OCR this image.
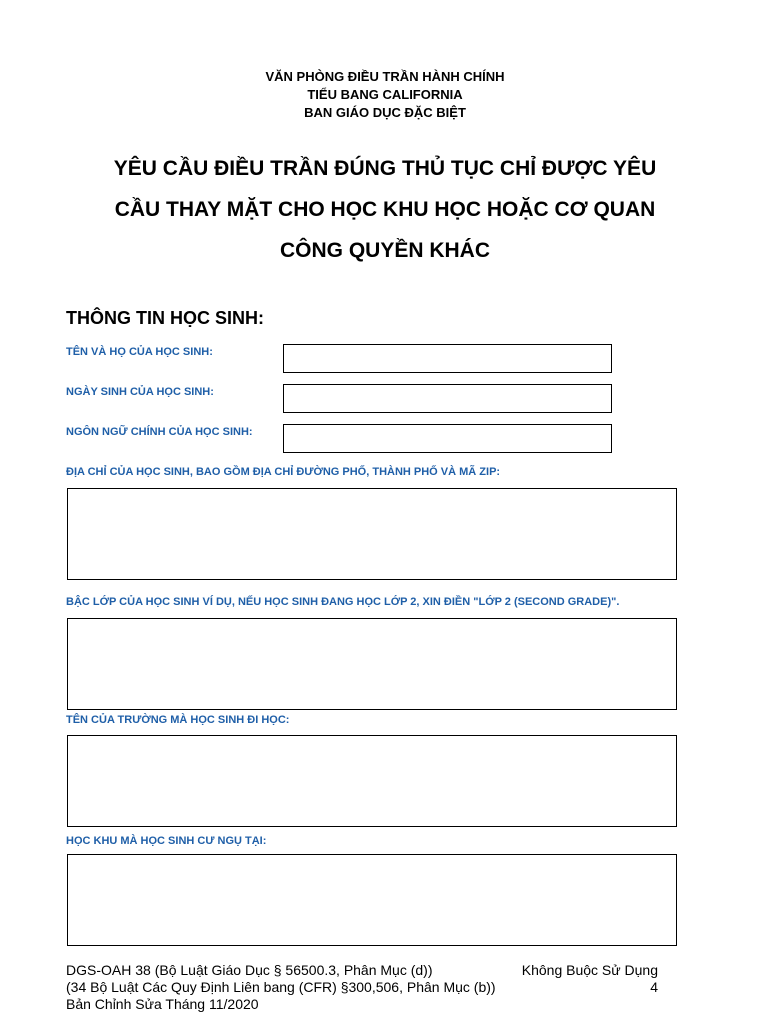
VĂN PHÒNG ĐIỀU TRẦN HÀNH CHÍNH
TIỂU BANG CALIFORNIA
BAN GIÁO DỤC ĐẶC BIỆT
YÊU CẦU ĐIỀU TRẦN ĐÚNG THỦ TỤC CHỈ ĐƯỢC YÊU
CẦU THAY MẶT CHO HỌC KHU HỌC HOẶC CƠ QUAN
CÔNG QUYỀN KHÁC
THÔNG TIN HỌC SINH:
TÊN VÀ HỌ CỦA HỌC SINH:
NGÀY SINH CỦA HỌC SINH:
NGÔN NGỮ CHÍNH CỦA HỌC SINH:
ĐỊA CHỈ CỦA HỌC SINH, BAO GỒM ĐỊA CHỈ ĐƯỜNG PHỐ, THÀNH PHỐ VÀ MÃ ZIP:
BẬC LỚP CỦA HỌC SINH VÍ DỤ, NẾU HỌC SINH ĐANG HỌC LỚP 2, XIN ĐIỀN "LỚP 2 (SECOND GRADE)".
TÊN CỦA TRƯỜNG MÀ HỌC SINH ĐI HỌC:
HỌC KHU MÀ HỌC SINH CƯ NGỤ TẠI:
DGS-OAH 38 (Bộ Luật Giáo Dục § 56500.3, Phân Mục (d))	Không Buộc Sử Dụng
(34 Bộ Luật Các Quy Định Liên bang (CFR) §300,506, Phân Mục (b))	4
Bản Chỉnh Sửa Tháng 11/2020
